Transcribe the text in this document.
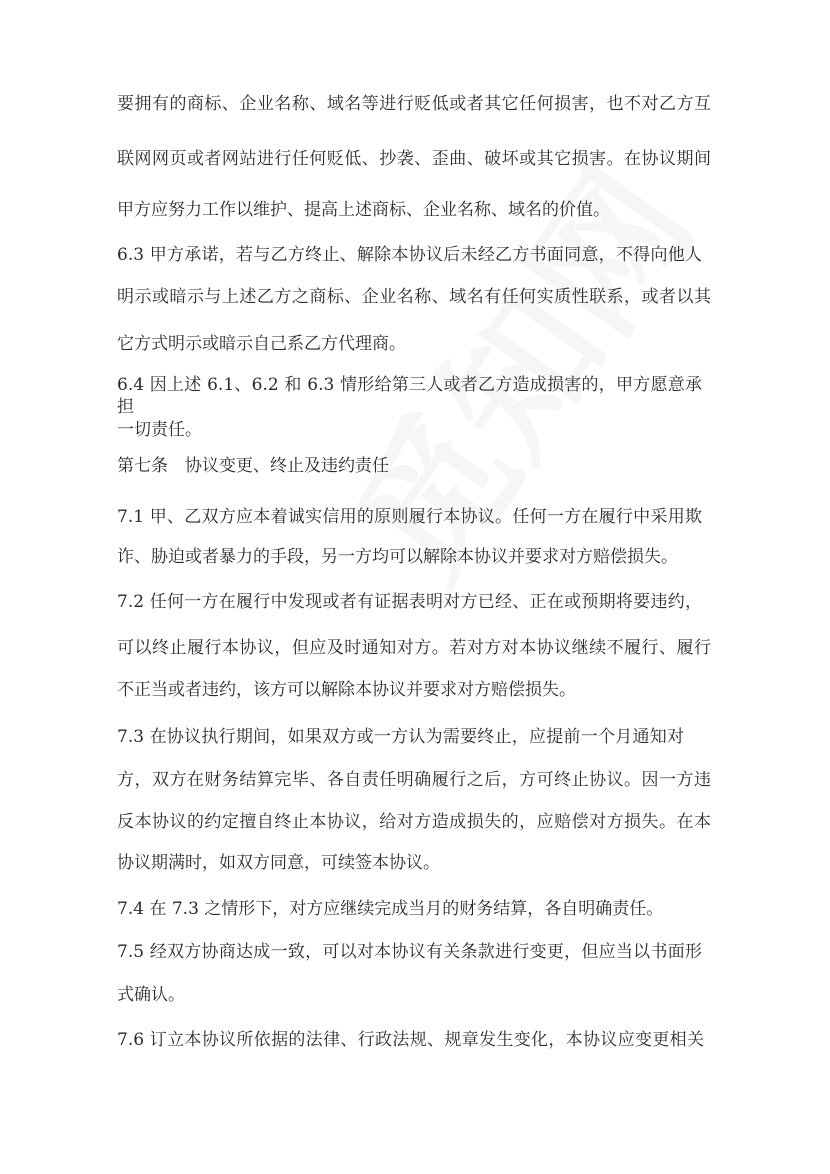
要拥有的商标、企业名称、域名等进行贬低或者其它任何损害，也不对乙方互
联网网页或者网站进行任何贬低、抄袭、歪曲、破坏或其它损害。在协议期间
甲方应努力工作以维护、提高上述商标、企业名称、域名的价值。
6.3 甲方承诺，若与乙方终止、解除本协议后未经乙方书面同意，不得向他人
明示或暗示与上述乙方之商标、企业名称、域名有任何实质性联系，或者以其
它方式明示或暗示自己系乙方代理商。
6.4 因上述 6.1、6.2 和 6.3 情形给第三人或者乙方造成损害的，甲方愿意承担
一切责任。
第七条　协议变更、终止及违约责任
7.1 甲、乙双方应本着诚实信用的原则履行本协议。任何一方在履行中采用欺
诈、胁迫或者暴力的手段，另一方均可以解除本协议并要求对方赔偿损失。
7.2 任何一方在履行中发现或者有证据表明对方已经、正在或预期将要违约，
可以终止履行本协议，但应及时通知对方。若对方对本协议继续不履行、履行
不正当或者违约，该方可以解除本协议并要求对方赔偿损失。
7.3 在协议执行期间，如果双方或一方认为需要终止，应提前一个月通知对
方，双方在财务结算完毕、各自责任明确履行之后，方可终止协议。因一方违
反本协议的约定擅自终止本协议，给对方造成损失的，应赔偿对方损失。在本
协议期满时，如双方同意，可续签本协议。
7.4 在 7.3 之情形下，对方应继续完成当月的财务结算，各自明确责任。
7.5 经双方协商达成一致，可以对本协议有关条款进行变更，但应当以书面形
式确认。
7.6 订立本协议所依据的法律、行政法规、规章发生变化，本协议应变更相关
